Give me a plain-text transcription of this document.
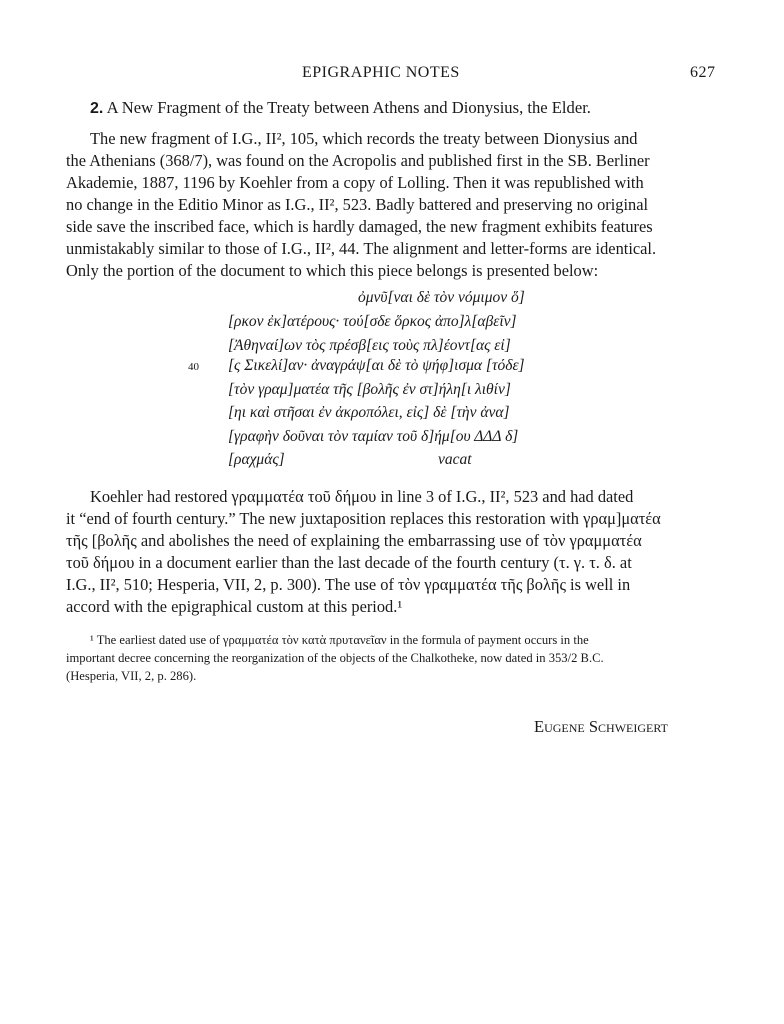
EPIGRAPHIC NOTES	627
2. A New Fragment of the Treaty between Athens and Dionysius, the Elder.
The new fragment of I.G., II², 105, which records the treaty between Dionysius and
the Athenians (368/7), was found on the Acropolis and published first in the SB. Berliner
Akademie, 1887, 1196 by Koehler from a copy of Lolling. Then it was republished with
no change in the Editio Minor as I.G., II², 523. Badly battered and preserving no original
side save the inscribed face, which is hardly damaged, the new fragment exhibits features
unmistakably similar to those of I.G., II², 44. The alignment and letter-forms are identical.
Only the portion of the document to which this piece belongs is presented below:
ὀμνῦ[ναι δὲ τὸν νόμιμον ὅ]
[ρκον ἐκ]ατέρους· τού[σδε ὅρκος ἀπο]λ[αβεῖν]
[Ἀθηναί]ων τὸς πρέσβ[εις τοὺς πλ]έοντ[ας εἰ]
40 [ς Σικελί]αν· ἀναγράψ[αι δὲ τὸ ψήφ]ισμα [τόδε]
[τὸν γραμ]ματέα τῆς [βολῆς ἐν στ]ήλη[ι λιθίν]
[ηι καὶ στῆσαι ἐν ἀκροπόλει, εἰς] δὲ [τὴν ἀνα]
[γραφὴν δοῦναι τὸν ταμίαν τοῦ δ]ήμ[ου ΔΔΔ δ]
[ραχμάς]	vacat
Koehler had restored γραμματέα τοῦ δήμου in line 3 of I.G., II², 523 and had dated
it “end of fourth century.” The new juxtaposition replaces this restoration with γραμ]ματέα
τῆς [βολῆς and abolishes the need of explaining the embarrassing use of τὸν γραμματέα
τοῦ δήμου in a document earlier than the last decade of the fourth century (τ. γ. τ. δ. at
I.G., II², 510; Hesperia, VII, 2, p. 300). The use of τὸν γραμματέα τῆς βολῆς is well in
accord with the epigraphical custom at this period.¹
¹ The earliest dated use of γραμματέα τὸν κατὰ πρυτανεῖαν in the formula of payment occurs in the
important decree concerning the reorganization of the objects of the Chalkotheke, now dated in 353/2 B.C.
(Hesperia, VII, 2, p. 286).
Eugene Schweigert
